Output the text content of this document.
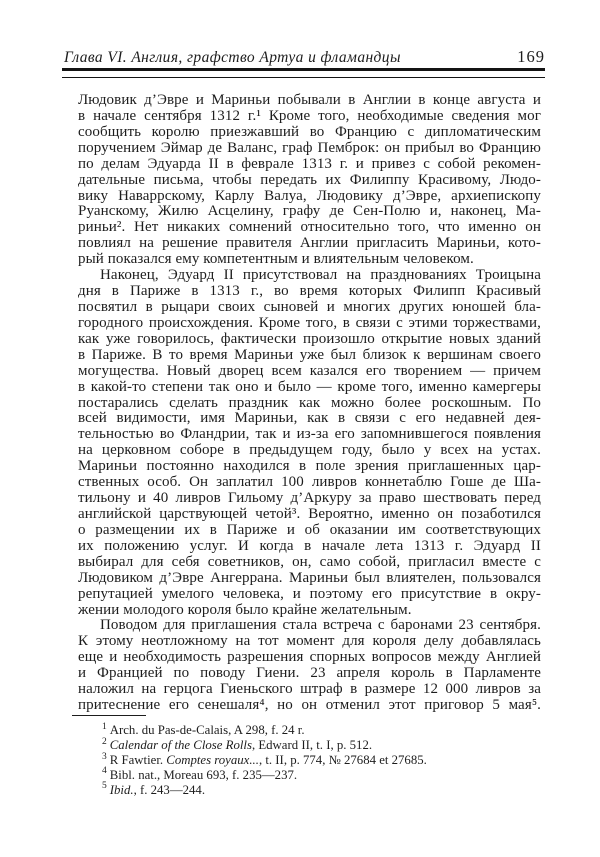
Глава VI. Англия, графство Артуа и фламандцы	169
Людовик д’Эвре и Мариньи побывали в Англии в конце августа и
в начале сентября 1312 г.¹ Кроме того, необходимые сведения мог
сообщить королю приезжавший во Францию с дипломатическим
поручением Эймар де Валанс, граф Пемброк: он прибыл во Францию
по делам Эдуарда II в феврале 1313 г. и привез с собой рекомен-
дательные письма, чтобы передать их Филиппу Красивому, Людо-
вику Наваррскому, Карлу Валуа, Людовику д’Эвре, архиепископу
Руанскому, Жилю Асцелину, графу де Сен-Полю и, наконец, Ма-
риньи². Нет никаких сомнений относительно того, что именно он
повлиял на решение правителя Англии пригласить Мариньи, кото-
рый показался ему компетентным и влиятельным человеком.
Наконец, Эдуард II присутствовал на празднованиях Троицына
дня в Париже в 1313 г., во время которых Филипп Красивый
посвятил в рыцари своих сыновей и многих других юношей бла-
городного происхождения. Кроме того, в связи с этими торжествами,
как уже говорилось, фактически произошло открытие новых зданий
в Париже. В то время Мариньи уже был близок к вершинам своего
могущества. Новый дворец всем казался его творением — причем
в какой-то степени так оно и было — кроме того, именно камергеры
постарались сделать праздник как можно более роскошным. По
всей видимости, имя Мариньи, как в связи с его недавней дея-
тельностью во Фландрии, так и из-за его запомнившегося появления
на церковном соборе в предыдущем году, было у всех на устах.
Мариньи постоянно находился в поле зрения приглашенных цар-
ственных особ. Он заплатил 100 ливров коннетаблю Гоше де Ша-
тильону и 40 ливров Гильому д’Аркуру за право шествовать перед
английской царствующей четой³. Вероятно, именно он позаботился
о размещении их в Париже и об оказании им соответствующих
их положению услуг. И когда в начале лета 1313 г. Эдуард II
выбирал для себя советников, он, само собой, пригласил вместе с
Людовиком д’Эвре Ангеррана. Мариньи был влиятелен, пользовался
репутацией умелого человека, и поэтому его присутствие в окру-
жении молодого короля было крайне желательным.
Поводом для приглашения стала встреча с баронами 23 сентября.
К этому неотложному на тот момент для короля делу добавлялась
еще и необходимость разрешения спорных вопросов между Англией
и Францией по поводу Гиени. 23 апреля король в Парламенте
наложил на герцога Гиеньского штраф в размере 12 000 ливров за
притеснение его сенешаля⁴, но он отменил этот приговор 5 мая⁵.
$^1$ Arch. du Pas-de-Calais, A 298, f. 24 r.
$^2$ Calendar of the Close Rolls, Edward II, t. I, p. 512.
$^3$ R Fawtier. Comptes royaux..., t. II, p. 774, № 27684 et 27685.
$^4$ Bibl. nat., Moreau 693, f. 235—237.
$^5$ Ibid., f. 243—244.
